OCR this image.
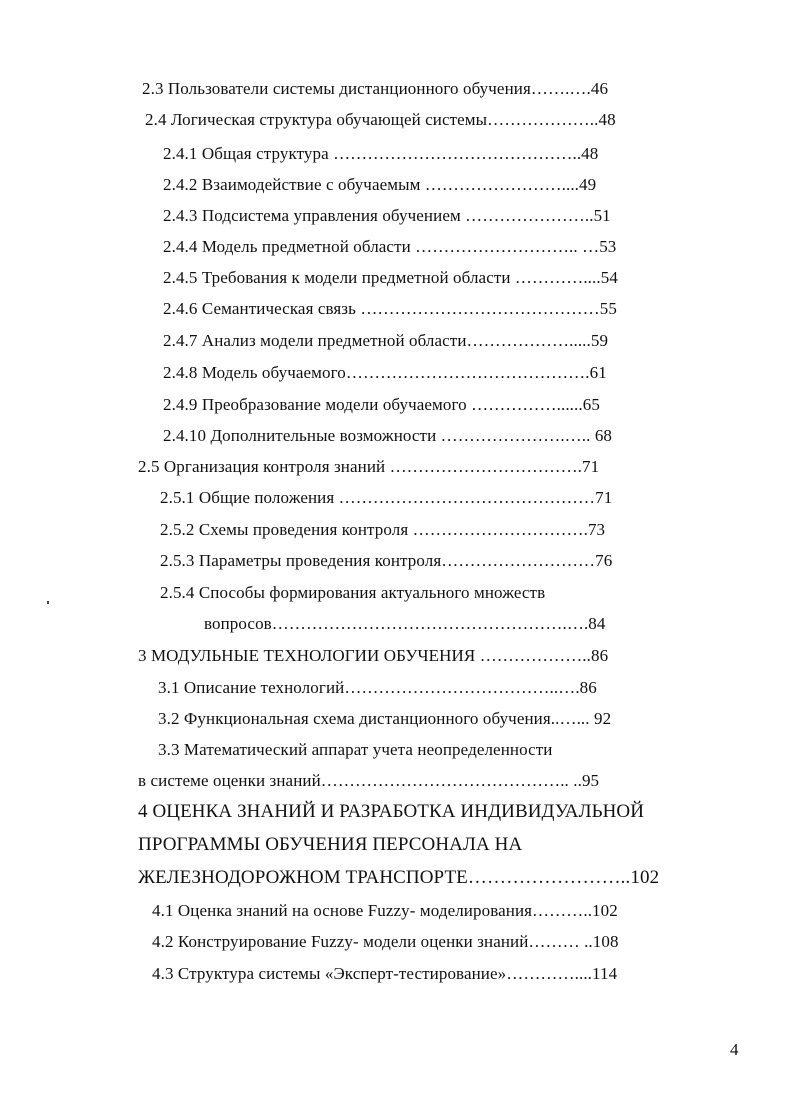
2.3 Пользователи системы дистанционного обучения…….….46
2.4 Логическая структура обучающей системы………………..48
2.4.1 Общая структура ……………………………………..48
2.4.2 Взаимодействие с обучаемым ……………………....49
2.4.3 Подсистема управления обучением …………………..51
2.4.4 Модель предметной области ……………………….. …53
2.4.5 Требования к модели предметной области …………....54
2.4.6 Семантическая связь ……………………………………55
2.4.7 Анализ модели предметной области……………….....59
2.4.8 Модель обучаемого…………………………………….61
2.4.9 Преобразование модели обучаемого ……………......65
2.4.10 Дополнительные возможности ………………….….. 68
2.5 Организация контроля знаний …………………………….71
2.5.1 Общие положения ………………………………………71
2.5.2 Схемы проведения контроля ………………………….73
2.5.3 Параметры проведения контроля………………………76
2.5.4 Способы формирования актуального множеств
вопросов…………………………………………….….84
3 МОДУЛЬНЫЕ ТЕХНОЛОГИИ ОБУЧЕНИЯ ………………..86
3.1 Описание технологий………………………………..….86
3.2 Функциональная схема дистанционного обучения..…... 92
3.3 Математический аппарат учета неопределенности
в системе оценки знаний…………………………………….. ..95
4 ОЦЕНКА ЗНАНИЙ И РАЗРАБОТКА ИНДИВИДУАЛЬНОЙ
ПРОГРАММЫ ОБУЧЕНИЯ ПЕРСОНАЛА НА
ЖЕЛЕЗНОДОРОЖНОМ ТРАНСПОРТЕ……………………..102
4.1 Оценка знаний на основе Fuzzy- моделирования………..102
4.2 Конструирование Fuzzy- модели оценки знаний……… ..108
4.3 Структура системы «Эксперт-тестирование»…………....114
4
